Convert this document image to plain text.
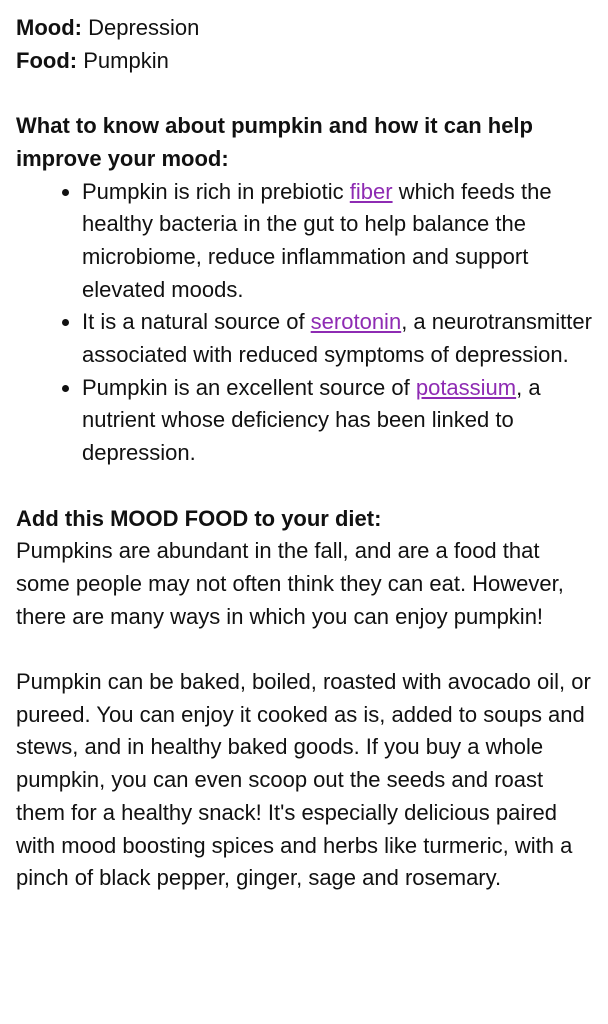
Mood: Depression

Food: Pumpkin

What to know about pumpkin and how it can help improve your mood:

• Pumpkin is rich in prebiotic fiber which feeds the healthy bacteria in the gut to help balance the microbiome, reduce inflammation and support elevated moods.
• It is a natural source of serotonin, a neurotransmitter associated with reduced symptoms of depression.
• Pumpkin is an excellent source of potassium, a nutrient whose deficiency has been linked to depression.

Add this MOOD FOOD to your diet:

Pumpkins are abundant in the fall, and are a food that some people may not often think they can eat. However, there are many ways in which you can enjoy pumpkin!

Pumpkin can be baked, boiled, roasted with avocado oil, or pureed. You can enjoy it cooked as is, added to soups and stews, and in healthy baked goods. If you buy a whole pumpkin, you can even scoop out the seeds and roast them for a healthy snack! It's especially delicious paired with mood boosting spices and herbs like turmeric, with a pinch of black pepper, ginger, sage and rosemary.
